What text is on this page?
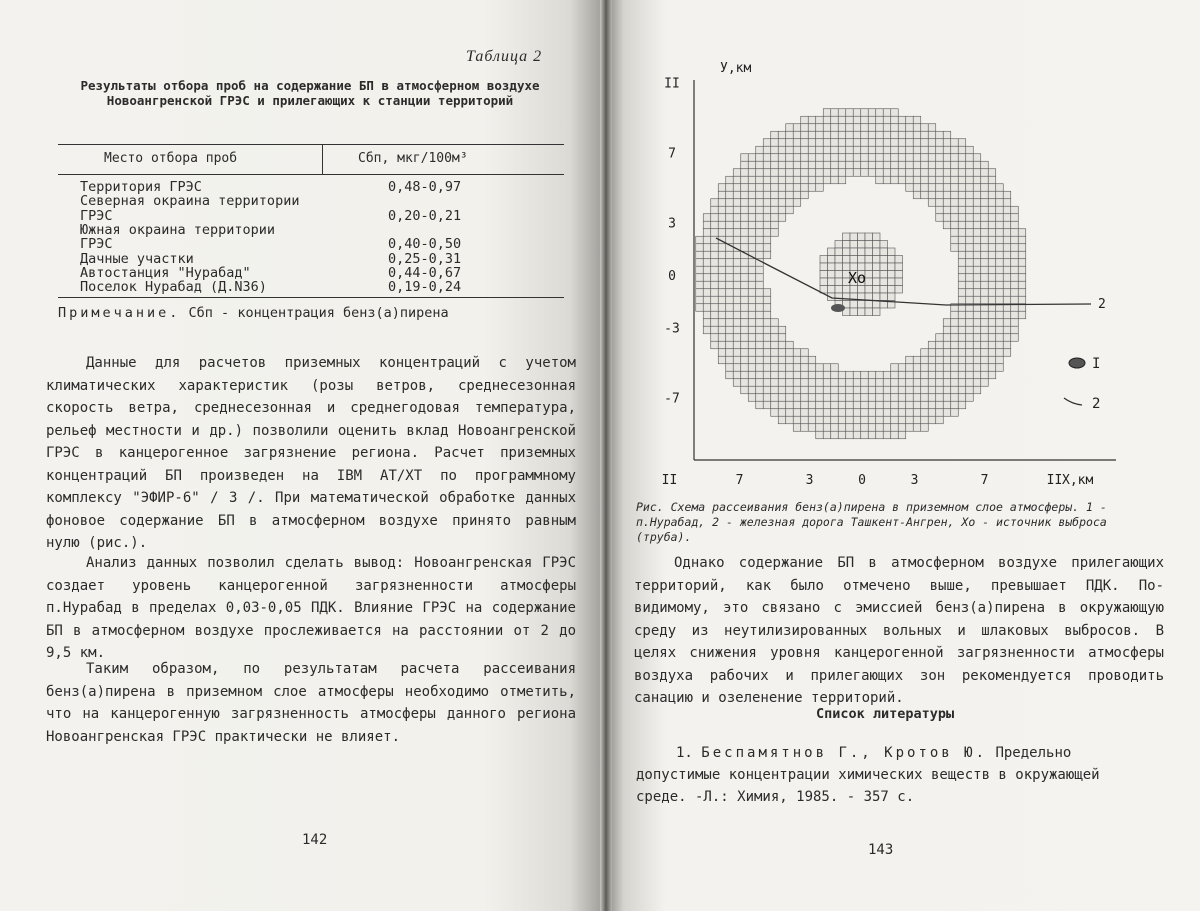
Таблица 2
Результаты отбора проб на содержание БП в атмосферном воздухе Новоангренской ГРЭС и прилегающих к станции территорий
Место отбора проб	Cбп, мкг/100м³
Территория ГРЭС	0,48-0,97
Северная окраина территории
ГРЭС	0,20-0,21
Южная окраина территории
ГРЭС	0,40-0,50
Дачные участки	0,25-0,31
Автостанция "Нурабад"	0,44-0,67
Поселок Нурабад (Д.N36)	0,19-0,24
Примечание. Cбп - концентрация бенз(а)пирена
Данные для расчетов приземных концентраций с учетом климатических характеристик (розы ветров, среднесезонная скорость ветра, среднесезонная и среднегодовая температура, рельеф местности и др.) позволили оценить вклад Новоангренской ГРЭС в канцерогенное загрязнение региона. Расчет приземных концентраций БП произведен на IBM AT/XT по программному комплексу "ЭФИР-6" / 3 /. При математической обработке данных фоновое содержание БП в атмосферном воздухе принято равным нулю (рис.).
Анализ данных позволил сделать вывод: Новоангренская ГРЭС создает уровень канцерогенной загрязненности атмосферы п.Нурабад в пределах 0,03-0,05 ПДК. Влияние ГРЭС на содержание БП в атмосферном воздухе прослеживается на расстоянии от 2 до 9,5 км.
Таким образом, по результатам расчета рассеивания бенз(а)пирена в приземном слое атмосферы необходимо отметить, что на канцерогенную загрязненность атмосферы данного региона Новоангренская ГРЭС практически не влияет.
142
У,км
Х,км
II
7
3
0
-3
-7
II	7	3	0	3	7	II
Хо
2
I
2
Рис. Схема рассеивания бенз(а)пирена в приземном слое атмосферы. 1 - п.Нурабад, 2 - железная дорога Ташкент-Ангрен, Хо - источник выброса (труба).
Однако содержание БП в атмосферном воздухе прилегающих территорий, как было отмечено выше, превышает ПДК. По-видимому, это связано с эмиссией бенз(а)пирена в окружающую среду из неутилизированных вольных и шлаковых выбросов. В целях снижения уровня канцерогенной загрязненности атмосферы воздуха рабочих и прилегающих зон рекомендуется проводить санацию и озеленение территорий.
Список литературы
1. Беспамятнов Г., Кротов Ю. Предельно допустимые концентрации химических веществ в окружающей среде. -Л.: Химия, 1985. - 357 с.
143
